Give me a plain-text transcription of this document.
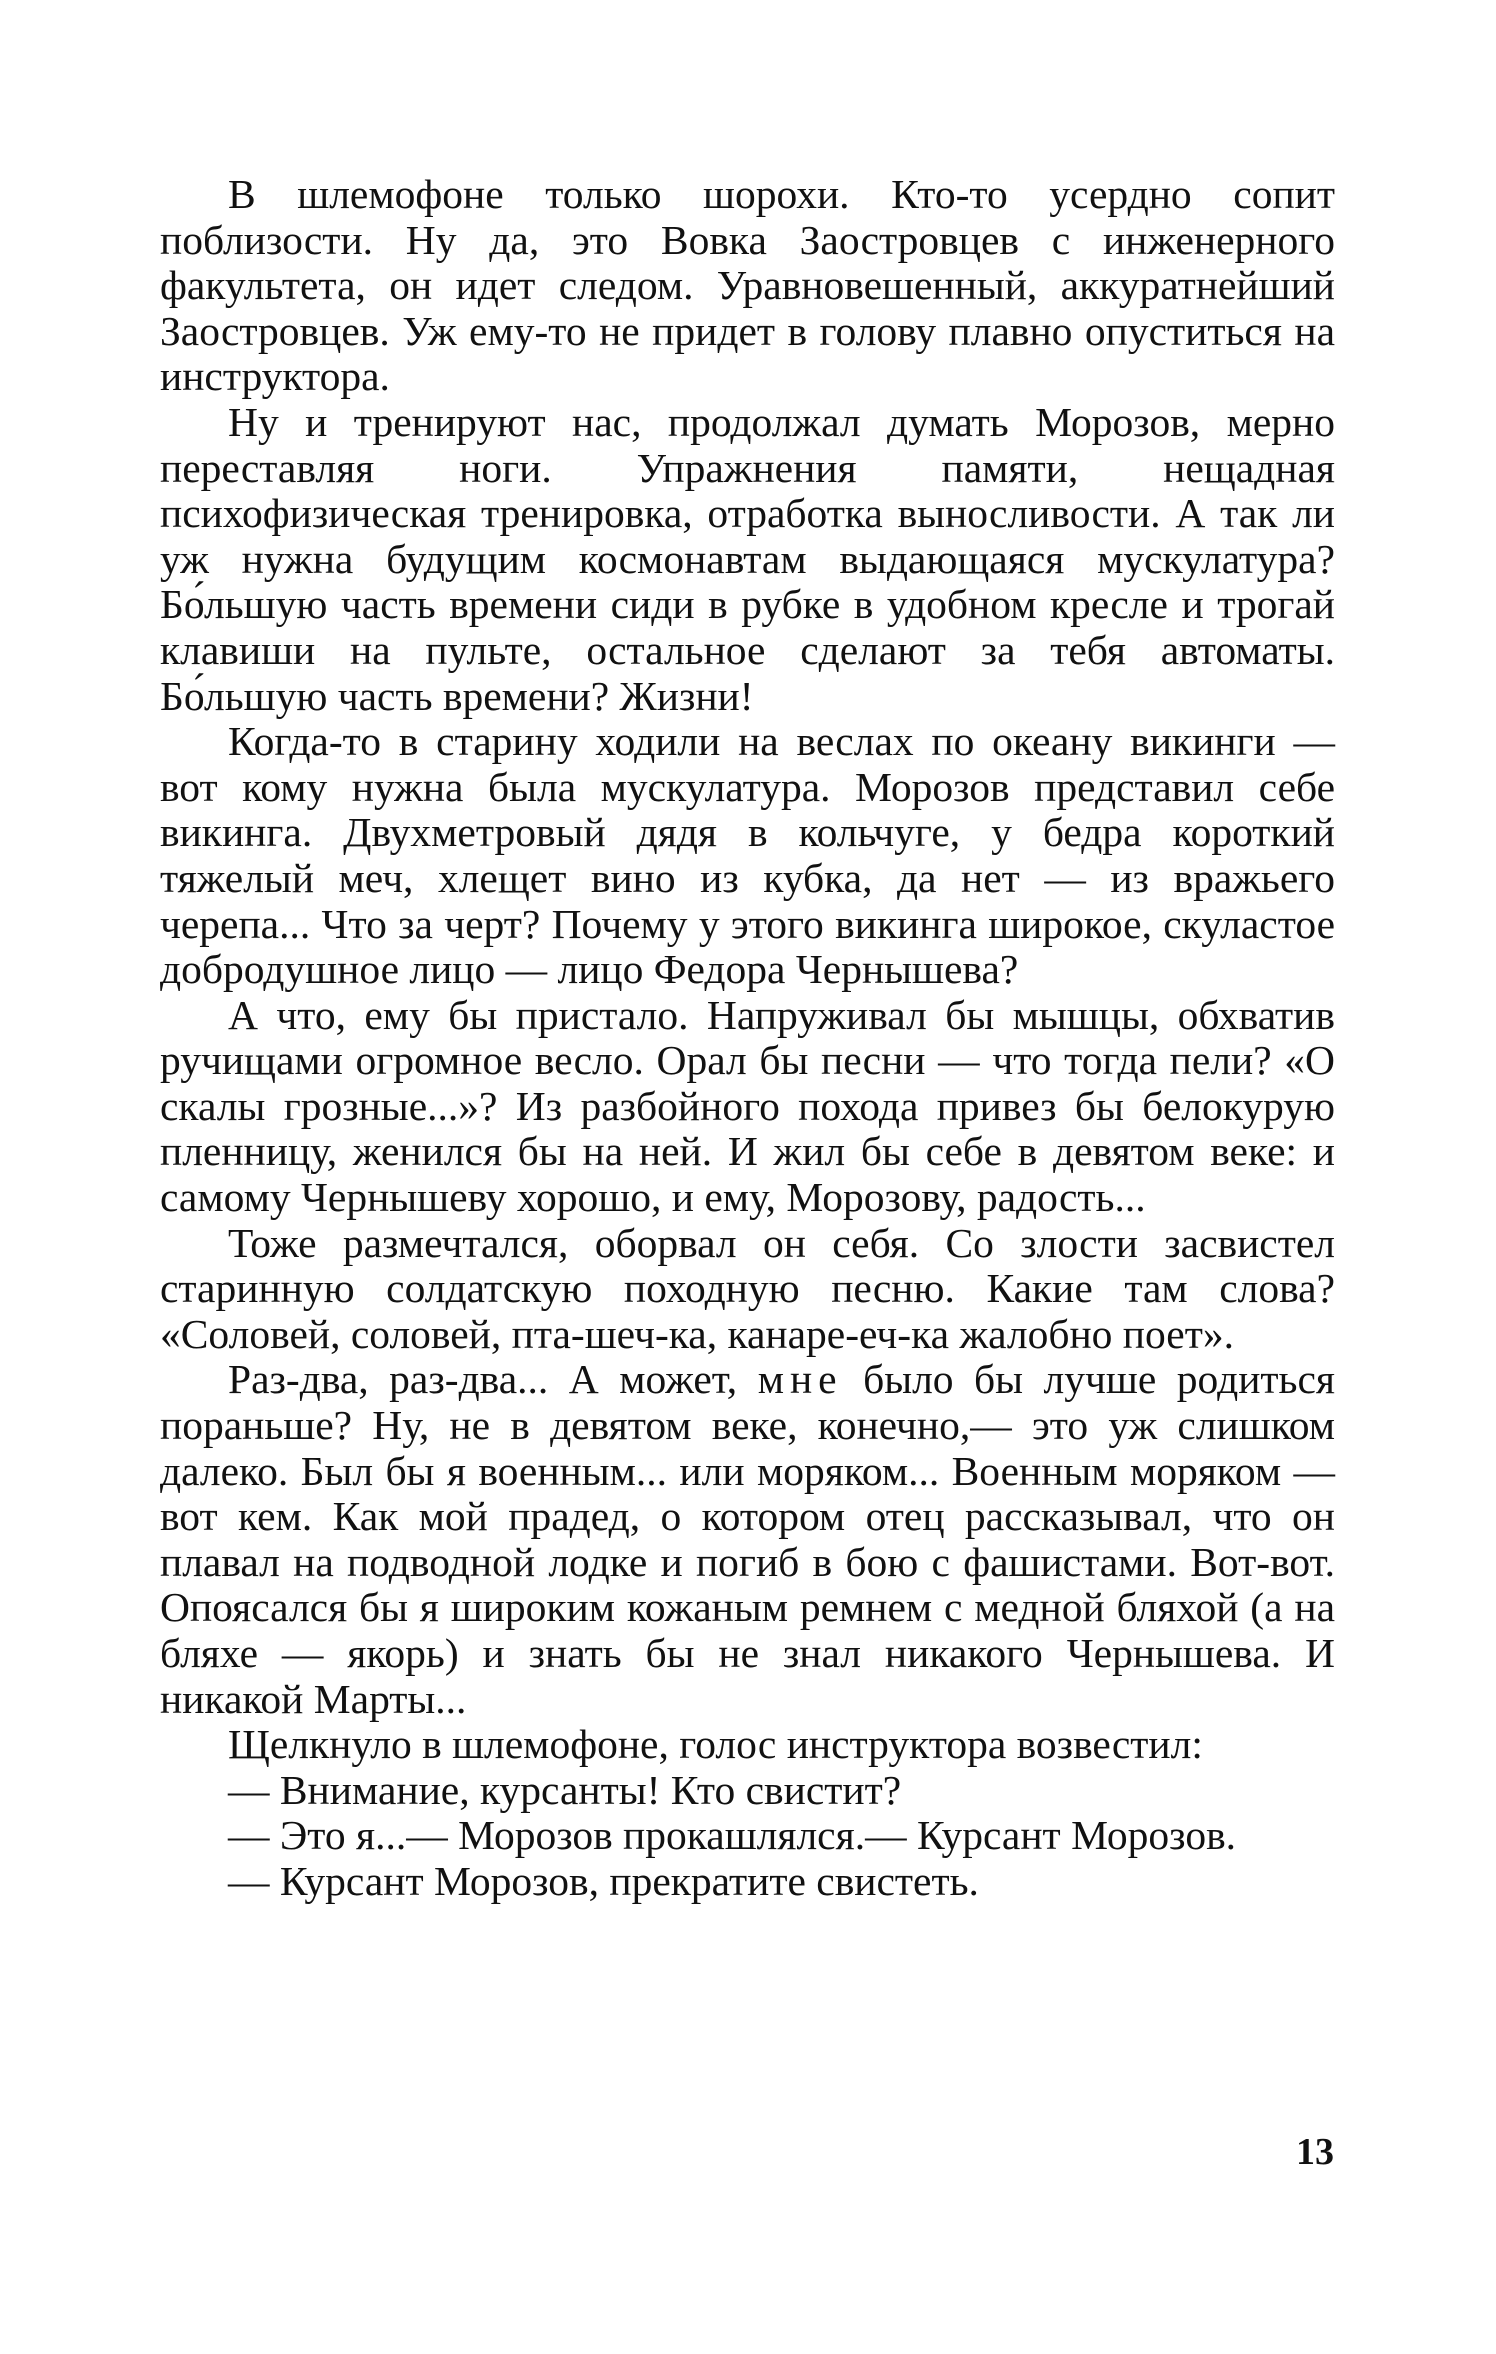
В шлемофоне только шорохи. Кто-то усердно сопит поблизости. Ну да, это Вовка Заостровцев с инженерного факультета, он идет следом. Уравновешенный, аккуратнейший Заостровцев. Уж ему-то не придет в голову плавно опуститься на инструктора.

Ну и тренируют нас, продолжал думать Морозов, мерно переставляя ноги. Упражнения памяти, нещадная психофизическая тренировка, отработка выносливости. А так ли уж нужна будущим космонавтам выдающаяся мускулатура? Бо́льшую часть времени сиди в рубке в удобном кресле и трогай клавиши на пульте, остальное сделают за тебя автоматы. Бо́льшую часть времени? Жизни!

Когда-то в старину ходили на веслах по океану викинги — вот кому нужна была мускулатура. Морозов представил себе викинга. Двухметровый дядя в кольчуге, у бедра короткий тяжелый меч, хлещет вино из кубка, да нет — из вражьего черепа... Что за черт? Почему у этого викинга широкое, скуластое добродушное лицо — лицо Федора Чернышева?

А что, ему бы пристало. Напруживал бы мышцы, обхватив ручищами огромное весло. Орал бы песни — что тогда пели? «О скалы грозные...»? Из разбойного похода привез бы белокурую пленницу, женился бы на ней. И жил бы себе в девятом веке: и самому Чернышеву хорошо, и ему, Морозову, радость...

Тоже размечтался, оборвал он себя. Со злости засвистел старинную солдатскую походную песню. Какие там слова? «Соловей, соловей, пта-шеч-ка, канаре-еч-ка жалобно поет».

Раз-два, раз-два... А может, мне было бы лучше родиться пораньше? Ну, не в девятом веке, конечно,— это уж слишком далеко. Был бы я военным... или моряком... Военным моряком — вот кем. Как мой прадед, о котором отец рассказывал, что он плавал на подводной лодке и погиб в бою с фашистами. Вот-вот. Опоясался бы я широким кожаным ремнем с медной бляхой (а на бляхе — якорь) и знать бы не знал никакого Чернышева. И никакой Марты...

Щелкнуло в шлемофоне, голос инструктора возвестил:

— Внимание, курсанты! Кто свистит?

— Это я...— Морозов прокашлялся.— Курсант Морозов.

— Курсант Морозов, прекратите свистеть.

13
